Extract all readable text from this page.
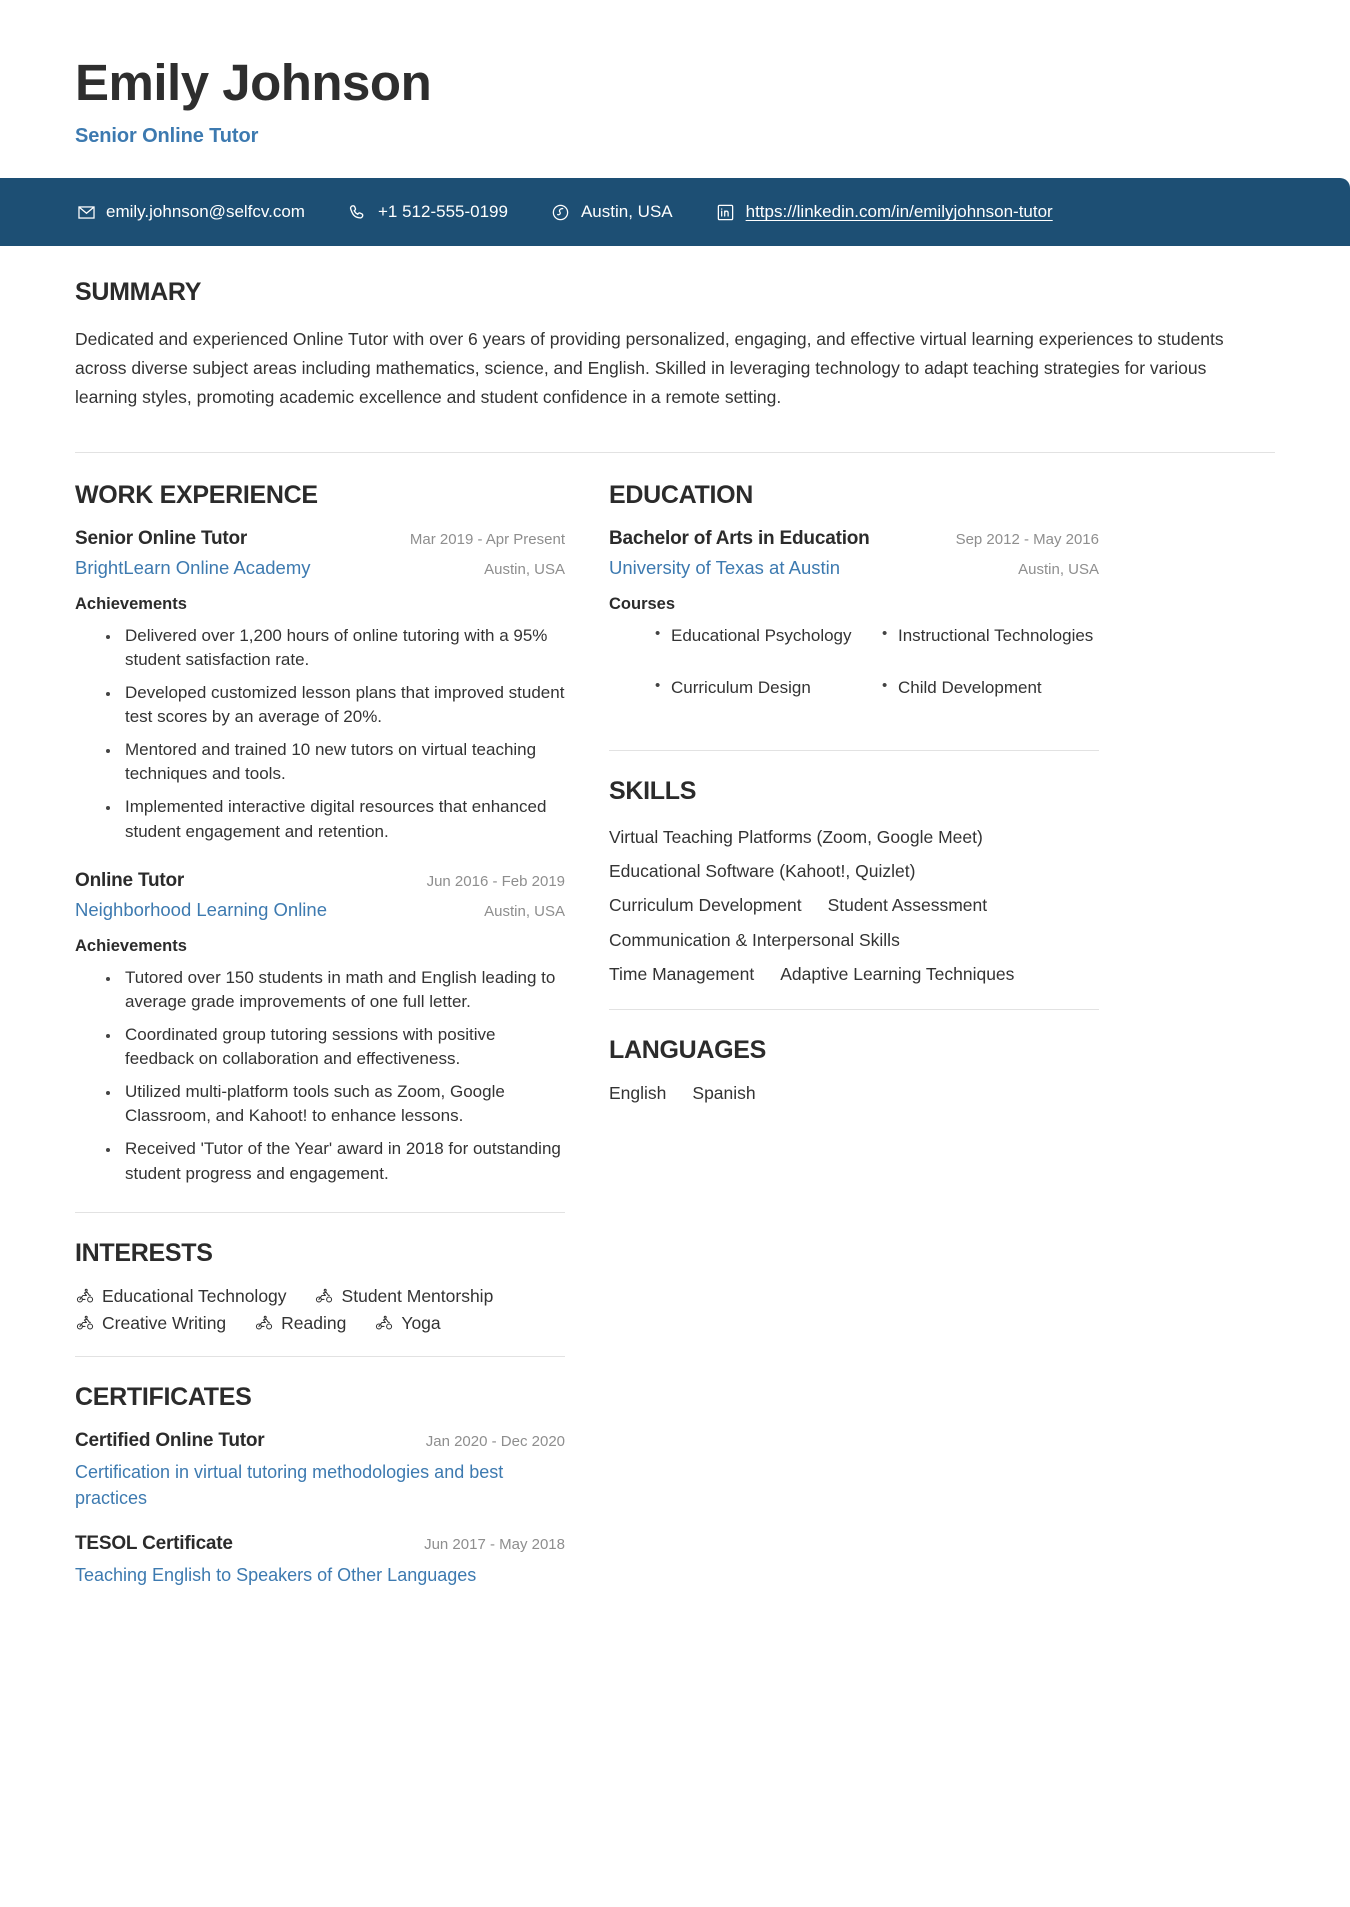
Emily Johnson
Senior Online Tutor
emily.johnson@selfcv.com	+1 512-555-0199	Austin, USA	https://linkedin.com/in/emilyjohnson-tutor
SUMMARY
Dedicated and experienced Online Tutor with over 6 years of providing personalized, engaging, and effective virtual learning experiences to students across diverse subject areas including mathematics, science, and English. Skilled in leveraging technology to adapt teaching strategies for various learning styles, promoting academic excellence and student confidence in a remote setting.
WORK EXPERIENCE
Senior Online Tutor	Mar 2019 - Apr Present
BrightLearn Online Academy	Austin, USA
Achievements
• Delivered over 1,200 hours of online tutoring with a 95% student satisfaction rate.
• Developed customized lesson plans that improved student test scores by an average of 20%.
• Mentored and trained 10 new tutors on virtual teaching techniques and tools.
• Implemented interactive digital resources that enhanced student engagement and retention.
Online Tutor	Jun 2016 - Feb 2019
Neighborhood Learning Online	Austin, USA
Achievements
• Tutored over 150 students in math and English leading to average grade improvements of one full letter.
• Coordinated group tutoring sessions with positive feedback on collaboration and effectiveness.
• Utilized multi-platform tools such as Zoom, Google Classroom, and Kahoot! to enhance lessons.
• Received 'Tutor of the Year' award in 2018 for outstanding student progress and engagement.
INTERESTS
Educational Technology	Student Mentorship
Creative Writing	Reading	Yoga
CERTIFICATES
Certified Online Tutor	Jan 2020 - Dec 2020
Certification in virtual tutoring methodologies and best practices
TESOL Certificate	Jun 2017 - May 2018
Teaching English to Speakers of Other Languages
EDUCATION
Bachelor of Arts in Education	Sep 2012 - May 2016
University of Texas at Austin	Austin, USA
Courses
• Educational Psychology	• Instructional Technologies
• Curriculum Design	• Child Development
SKILLS
Virtual Teaching Platforms (Zoom, Google Meet)
Educational Software (Kahoot!, Quizlet)
Curriculum Development Student Assessment
Communication & Interpersonal Skills
Time Management Adaptive Learning Techniques
LANGUAGES
English Spanish
